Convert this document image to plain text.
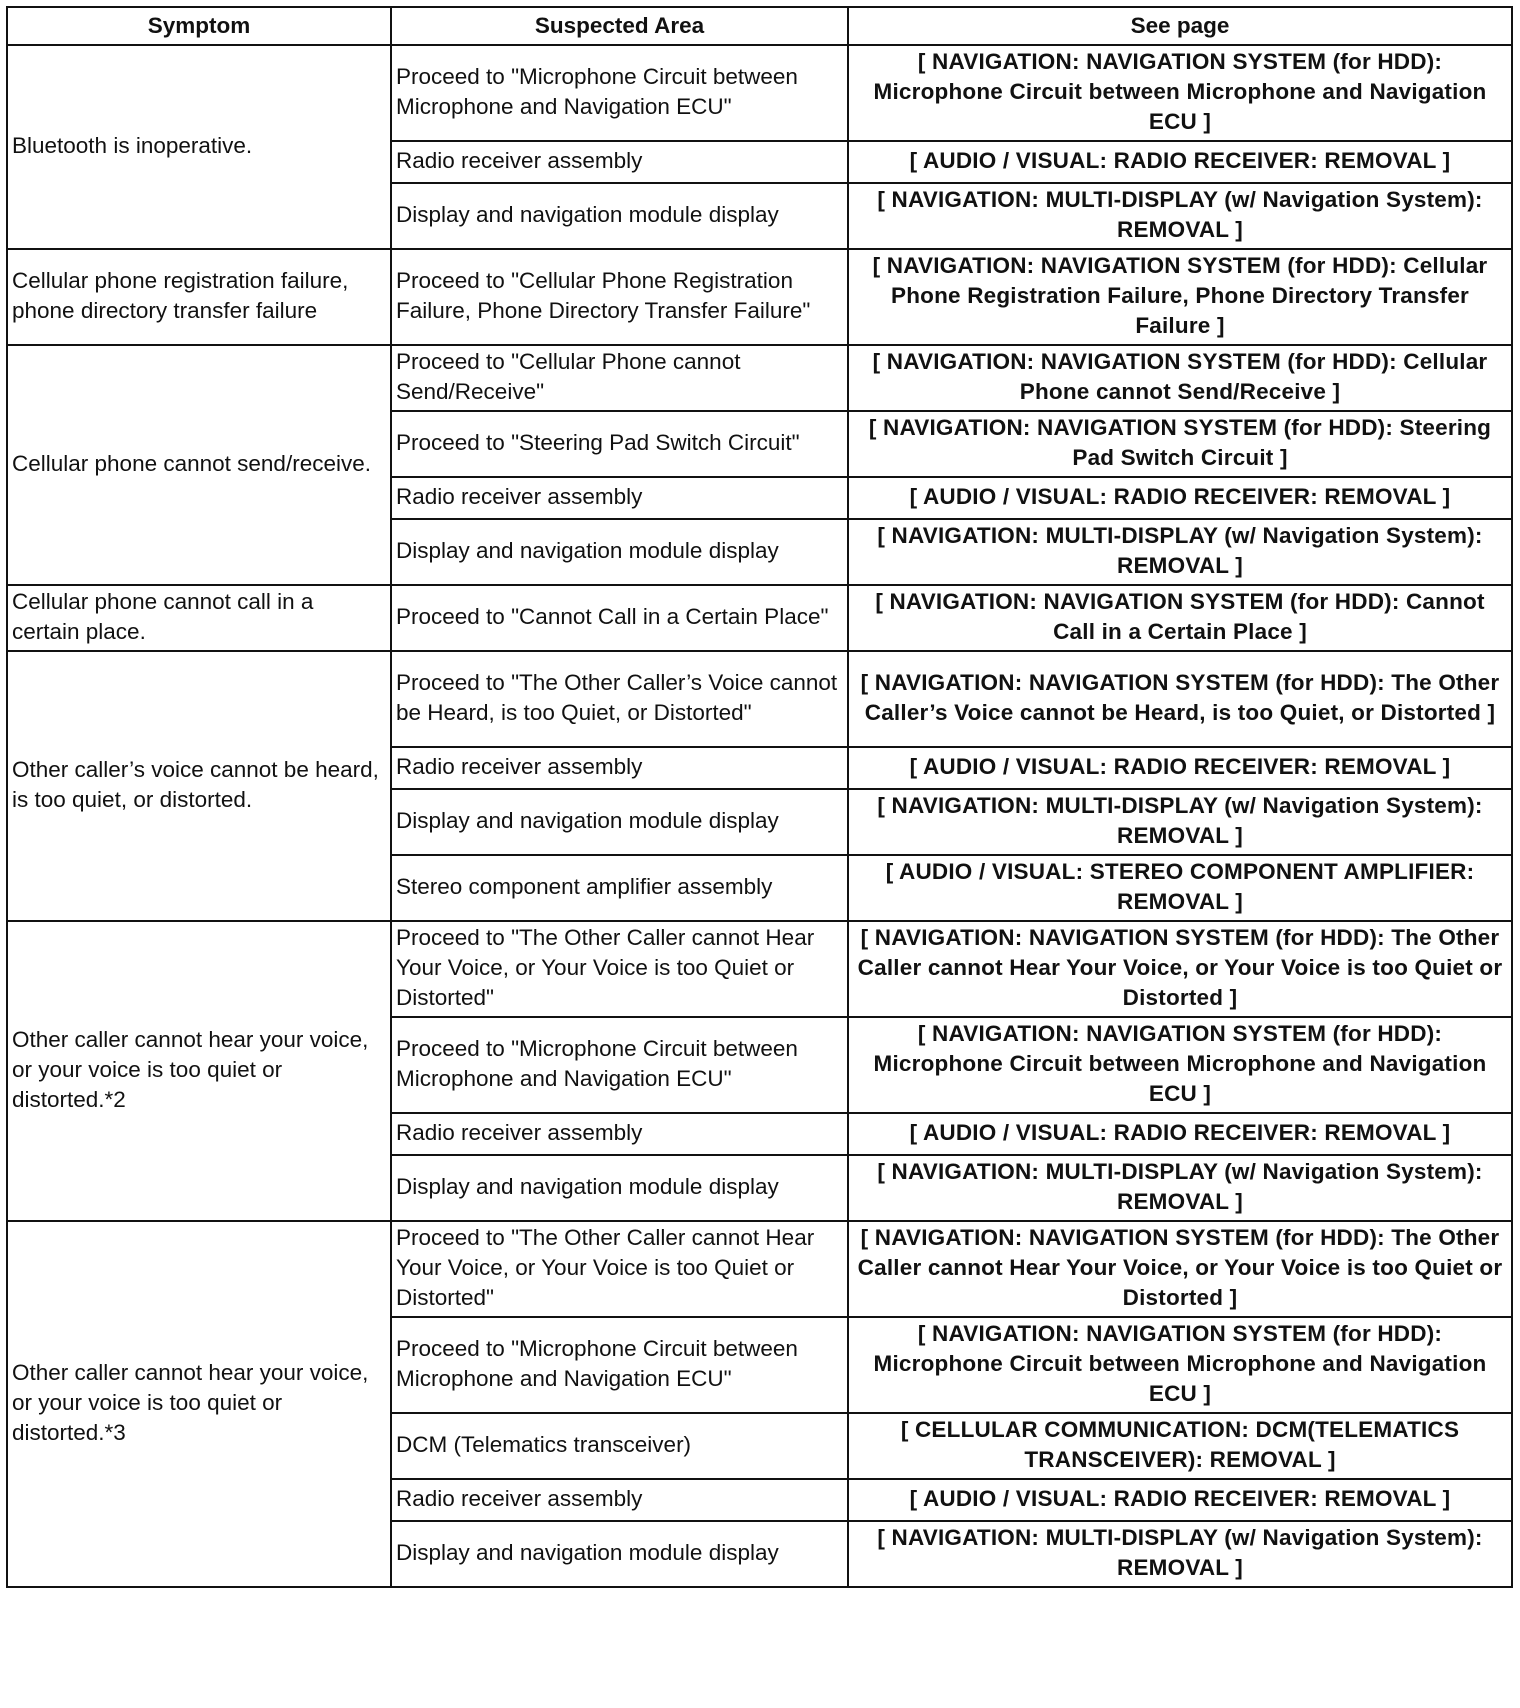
Symptom	Suspected Area	See page
Bluetooth is inoperative.	Proceed to "Microphone Circuit between Microphone and Navigation ECU"	[ NAVIGATION: NAVIGATION SYSTEM (for HDD): Microphone Circuit between Microphone and Navigation ECU ]
	Radio receiver assembly	[ AUDIO / VISUAL: RADIO RECEIVER: REMOVAL ]
	Display and navigation module display	[ NAVIGATION: MULTI-DISPLAY (w/ Navigation System): REMOVAL ]
Cellular phone registration failure, phone directory transfer failure	Proceed to "Cellular Phone Registration Failure, Phone Directory Transfer Failure"	[ NAVIGATION: NAVIGATION SYSTEM (for HDD): Cellular Phone Registration Failure, Phone Directory Transfer Failure ]
Cellular phone cannot send/receive.	Proceed to "Cellular Phone cannot Send/Receive"	[ NAVIGATION: NAVIGATION SYSTEM (for HDD): Cellular Phone cannot Send/Receive ]
	Proceed to "Steering Pad Switch Circuit"	[ NAVIGATION: NAVIGATION SYSTEM (for HDD): Steering Pad Switch Circuit ]
	Radio receiver assembly	[ AUDIO / VISUAL: RADIO RECEIVER: REMOVAL ]
	Display and navigation module display	[ NAVIGATION: MULTI-DISPLAY (w/ Navigation System): REMOVAL ]
Cellular phone cannot call in a certain place.	Proceed to "Cannot Call in a Certain Place"	[ NAVIGATION: NAVIGATION SYSTEM (for HDD): Cannot Call in a Certain Place ]
Other caller’s voice cannot be heard, is too quiet, or distorted.	Proceed to "The Other Caller’s Voice cannot be Heard, is too Quiet, or Distorted"	[ NAVIGATION: NAVIGATION SYSTEM (for HDD): The Other Caller’s Voice cannot be Heard, is too Quiet, or Distorted ]
	Radio receiver assembly	[ AUDIO / VISUAL: RADIO RECEIVER: REMOVAL ]
	Display and navigation module display	[ NAVIGATION: MULTI-DISPLAY (w/ Navigation System): REMOVAL ]
	Stereo component amplifier assembly	[ AUDIO / VISUAL: STEREO COMPONENT AMPLIFIER: REMOVAL ]
Other caller cannot hear your voice, or your voice is too quiet or distorted.*2	Proceed to "The Other Caller cannot Hear Your Voice, or Your Voice is too Quiet or Distorted"	[ NAVIGATION: NAVIGATION SYSTEM (for HDD): The Other Caller cannot Hear Your Voice, or Your Voice is too Quiet or Distorted ]
	Proceed to "Microphone Circuit between Microphone and Navigation ECU"	[ NAVIGATION: NAVIGATION SYSTEM (for HDD): Microphone Circuit between Microphone and Navigation ECU ]
	Radio receiver assembly	[ AUDIO / VISUAL: RADIO RECEIVER: REMOVAL ]
	Display and navigation module display	[ NAVIGATION: MULTI-DISPLAY (w/ Navigation System): REMOVAL ]
Other caller cannot hear your voice, or your voice is too quiet or distorted.*3	Proceed to "The Other Caller cannot Hear Your Voice, or Your Voice is too Quiet or Distorted"	[ NAVIGATION: NAVIGATION SYSTEM (for HDD): The Other Caller cannot Hear Your Voice, or Your Voice is too Quiet or Distorted ]
	Proceed to "Microphone Circuit between Microphone and Navigation ECU"	[ NAVIGATION: NAVIGATION SYSTEM (for HDD): Microphone Circuit between Microphone and Navigation ECU ]
	DCM (Telematics transceiver)	[ CELLULAR COMMUNICATION: DCM(TELEMATICS TRANSCEIVER): REMOVAL ]
	Radio receiver assembly	[ AUDIO / VISUAL: RADIO RECEIVER: REMOVAL ]
	Display and navigation module display	[ NAVIGATION: MULTI-DISPLAY (w/ Navigation System): REMOVAL ]
